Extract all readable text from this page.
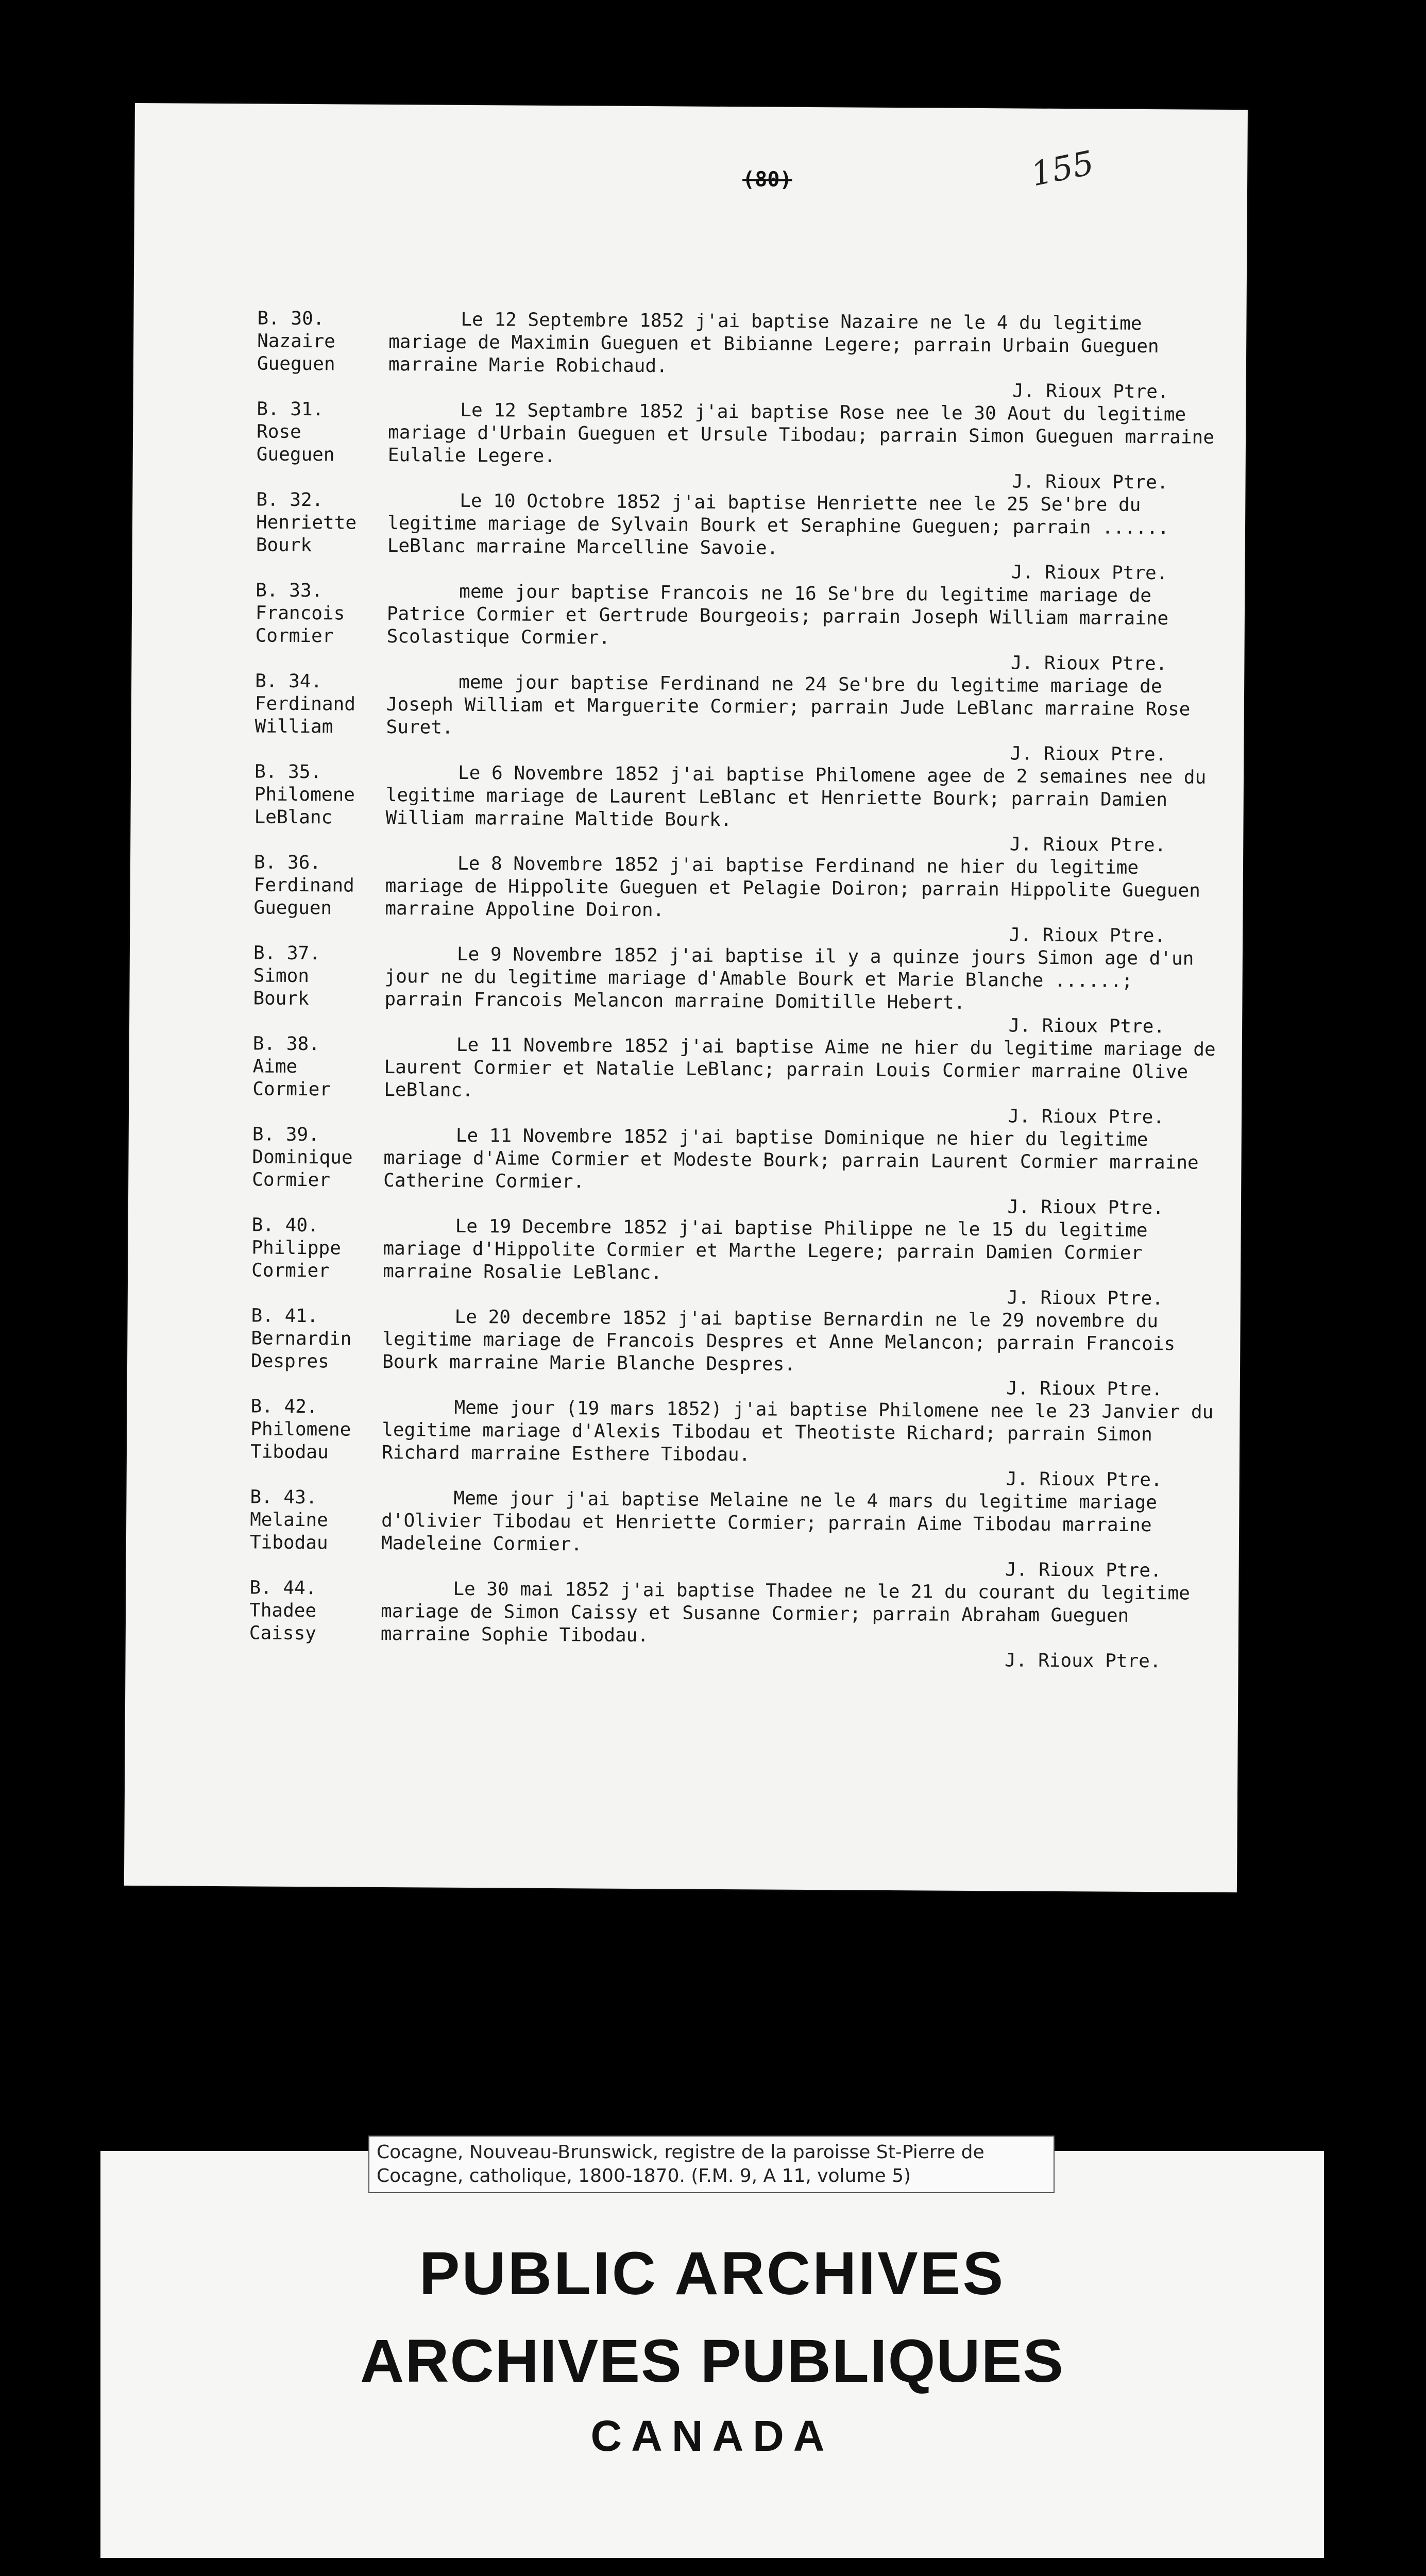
(80)	155
B. 30.
Nazaire
Gueguen
Le 12 Septembre 1852 j'ai baptise Nazaire ne le 4 du legitime mariage de Maximin Gueguen et Bibianne Legere; parrain Urbain Gueguen marraine Marie Robichaud.
J. Rioux Ptre.
B. 31.
Rose
Gueguen
Le 12 Septambre 1852 j'ai baptise Rose nee le 30 Aout du legitime mariage d'Urbain Gueguen et Ursule Tibodau; parrain Simon Gueguen marraine Eulalie Legere.
J. Rioux Ptre.
B. 32.
Henriette
Bourk
Le 10 Octobre 1852 j'ai baptise Henriette nee le 25 Se'bre du legitime mariage de Sylvain Bourk et Seraphine Gueguen; parrain ...... LeBlanc marraine Marcelline Savoie.
J. Rioux Ptre.
B. 33.
Francois
Cormier
meme jour baptise Francois ne 16 Se'bre du legitime mariage de Patrice Cormier et Gertrude Bourgeois; parrain Joseph William marraine Scolastique Cormier.
J. Rioux Ptre.
B. 34.
Ferdinand
William
meme jour baptise Ferdinand ne 24 Se'bre du legitime mariage de Joseph William et Marguerite Cormier; parrain Jude LeBlanc marraine Rose Suret.
J. Rioux Ptre.
B. 35.
Philomene
LeBlanc
Le 6 Novembre 1852 j'ai baptise Philomene agee de 2 semaines nee du legitime mariage de Laurent LeBlanc et Henriette Bourk; parrain Damien William marraine Maltide Bourk.
J. Rioux Ptre.
B. 36.
Ferdinand
Gueguen
Le 8 Novembre 1852 j'ai baptise Ferdinand ne hier du legitime mariage de Hippolite Gueguen et Pelagie Doiron; parrain Hippolite Gueguen marraine Appoline Doiron.
J. Rioux Ptre.
B. 37.
Simon
Bourk
Le 9 Novembre 1852 j'ai baptise il y a quinze jours Simon age d'un jour ne du legitime mariage d'Amable Bourk et Marie Blanche ......; parrain Francois Melancon marraine Domitille Hebert.
J. Rioux Ptre.
B. 38.
Aime
Cormier
Le 11 Novembre 1852 j'ai baptise Aime ne hier du legitime mariage de Laurent Cormier et Natalie LeBlanc; parrain Louis Cormier marraine Olive LeBlanc.
J. Rioux Ptre.
B. 39.
Dominique
Cormier
Le 11 Novembre 1852 j'ai baptise Dominique ne hier du legitime mariage d'Aime Cormier et Modeste Bourk; parrain Laurent Cormier marraine Catherine Cormier.
J. Rioux Ptre.
B. 40.
Philippe
Cormier
Le 19 Decembre 1852 j'ai baptise Philippe ne le 15 du legitime mariage d'Hippolite Cormier et Marthe Legere; parrain Damien Cormier marraine Rosalie LeBlanc.
J. Rioux Ptre.
B. 41.
Bernardin
Despres
Le 20 decembre 1852 j'ai baptise Bernardin ne le 29 novembre du legitime mariage de Francois Despres et Anne Melancon; parrain Francois Bourk marraine Marie Blanche Despres.
J. Rioux Ptre.
B. 42.
Philomene
Tibodau
Meme jour (19 mars 1852) j'ai baptise Philomene nee le 23 Janvier du legitime mariage d'Alexis Tibodau et Theotiste Richard; parrain Simon Richard marraine Esthere Tibodau.
J. Rioux Ptre.
B. 43.
Melaine
Tibodau
Meme jour j'ai baptise Melaine ne le 4 mars du legitime mariage d'Olivier Tibodau et Henriette Cormier; parrain Aime Tibodau marraine Madeleine Cormier.
J. Rioux Ptre.
B. 44.
Thadee
Caissy
Le 30 mai 1852 j'ai baptise Thadee ne le 21 du courant du legitime mariage de Simon Caissy et Susanne Cormier; parrain Abraham Gueguen marraine Sophie Tibodau.
J. Rioux Ptre.
Cocagne, Nouveau-Brunswick, registre de la paroisse St-Pierre de Cocagne, catholique, 1800-1870. (F.M. 9, A 11, volume 5)
PUBLIC ARCHIVES
ARCHIVES PUBLIQUES
CANADA
